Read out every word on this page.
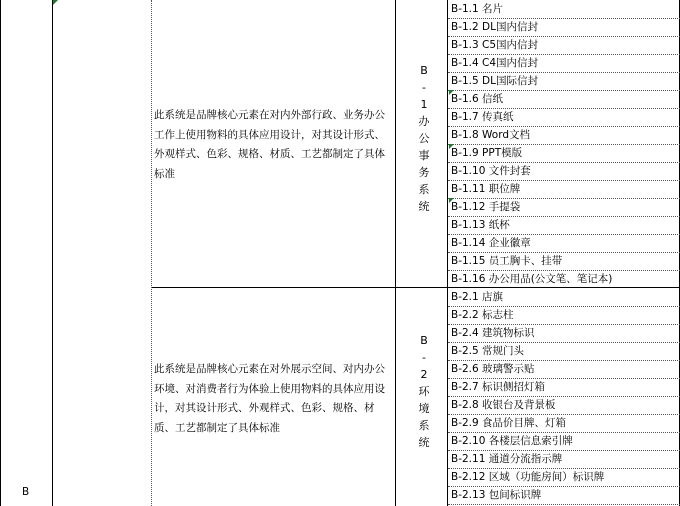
B
此系统是品牌核心元素在对内外部行政、业务办公工作上使用物料的具体应用设计，对其设计形式、外观样式、色彩、规格、材质、工艺都制定了具体标准
B
-
1
办
公
事
务
系
统
B-1.1 名片
B-1.2 DL国内信封
B-1.3 C5国内信封
B-1.4 C4国内信封
B-1.5 DL国际信封
B-1.6 信纸
B-1.7 传真纸
B-1.8 Word文档
B-1.9 PPT模版
B-1.10 文件封套
B-1.11 职位牌
B-1.12 手提袋
B-1.13 纸杯
B-1.14 企业徽章
B-1.15 员工胸卡、挂带
B-1.16 办公用品(公文笔、笔记本)
此系统是品牌核心元素在对外展示空间、对内办公环境、对消费者行为体验上使用物料的具体应用设计，对其设计形式、外观样式、色彩、规格、材质、工艺都制定了具体标准
B
-
2
环
境
系
统
B-2.1 店旗
B-2.2 标志柱
B-2.4 建筑物标识
B-2.5 常规门头
B-2.6 玻璃警示贴
B-2.7 标识侧招灯箱
B-2.8 收银台及背景板
B-2.9 食品价目牌、灯箱
B-2.10 各楼层信息索引牌
B-2.11 通道分流指示牌
B-2.12 区域（功能房间）标识牌
B-2.13 包间标识牌
